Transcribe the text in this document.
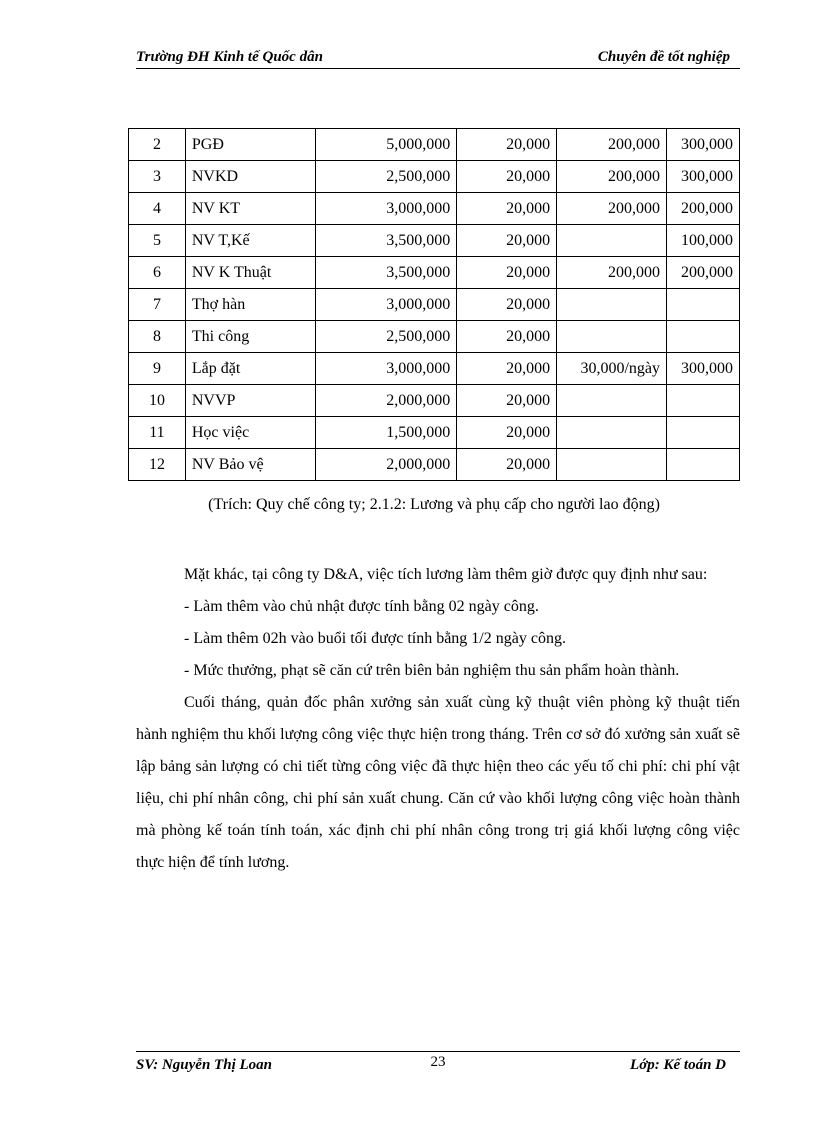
Trường ĐH Kinh tế Quốc dân	Chuyên đề tốt nghiệp
2	PGĐ	5,000,000	20,000	200,000	300,000
3	NVKD	2,500,000	20,000	200,000	300,000
4	NV KT	3,000,000	20,000	200,000	200,000
5	NV T,Kế	3,500,000	20,000		100,000
6	NV K Thuật	3,500,000	20,000	200,000	200,000
7	Thợ hàn	3,000,000	20,000		
8	Thi công	2,500,000	20,000		
9	Lắp đặt	3,000,000	20,000	30,000/ngày	300,000
10	NVVP	2,000,000	20,000		
11	Học việc	1,500,000	20,000		
12	NV Bảo vệ	2,000,000	20,000		
(Trích: Quy chế công ty; 2.1.2: Lương và phụ cấp cho người lao động)

Mặt khác, tại công ty D&A, việc tích lương làm thêm giờ được quy định như sau:

- Làm thêm vào chủ nhật được tính bằng 02 ngày công.

- Làm thêm 02h vào buổi tối được tính bằng 1/2 ngày công.

- Mức thưởng, phạt sẽ căn cứ trên biên bản nghiệm thu sản phẩm hoàn thành.

Cuối tháng, quản đốc phân xưởng sản xuất cùng kỹ thuật viên phòng kỹ thuật tiến hành nghiệm thu khối lượng công việc thực hiện trong tháng. Trên cơ sở đó xưởng sản xuất sẽ lập bảng sản lượng có chi tiết từng công việc đã thực hiện theo các yếu tố chi phí: chi phí vật liệu, chi phí nhân công, chi phí sản xuất chung. Căn cứ vào khối lượng công việc hoàn thành mà phòng kế toán tính toán, xác định chi phí nhân công trong trị giá khối lượng công việc thực hiện để tính lương.

SV: Nguyễn Thị Loan	23	Lớp: Kế toán D
